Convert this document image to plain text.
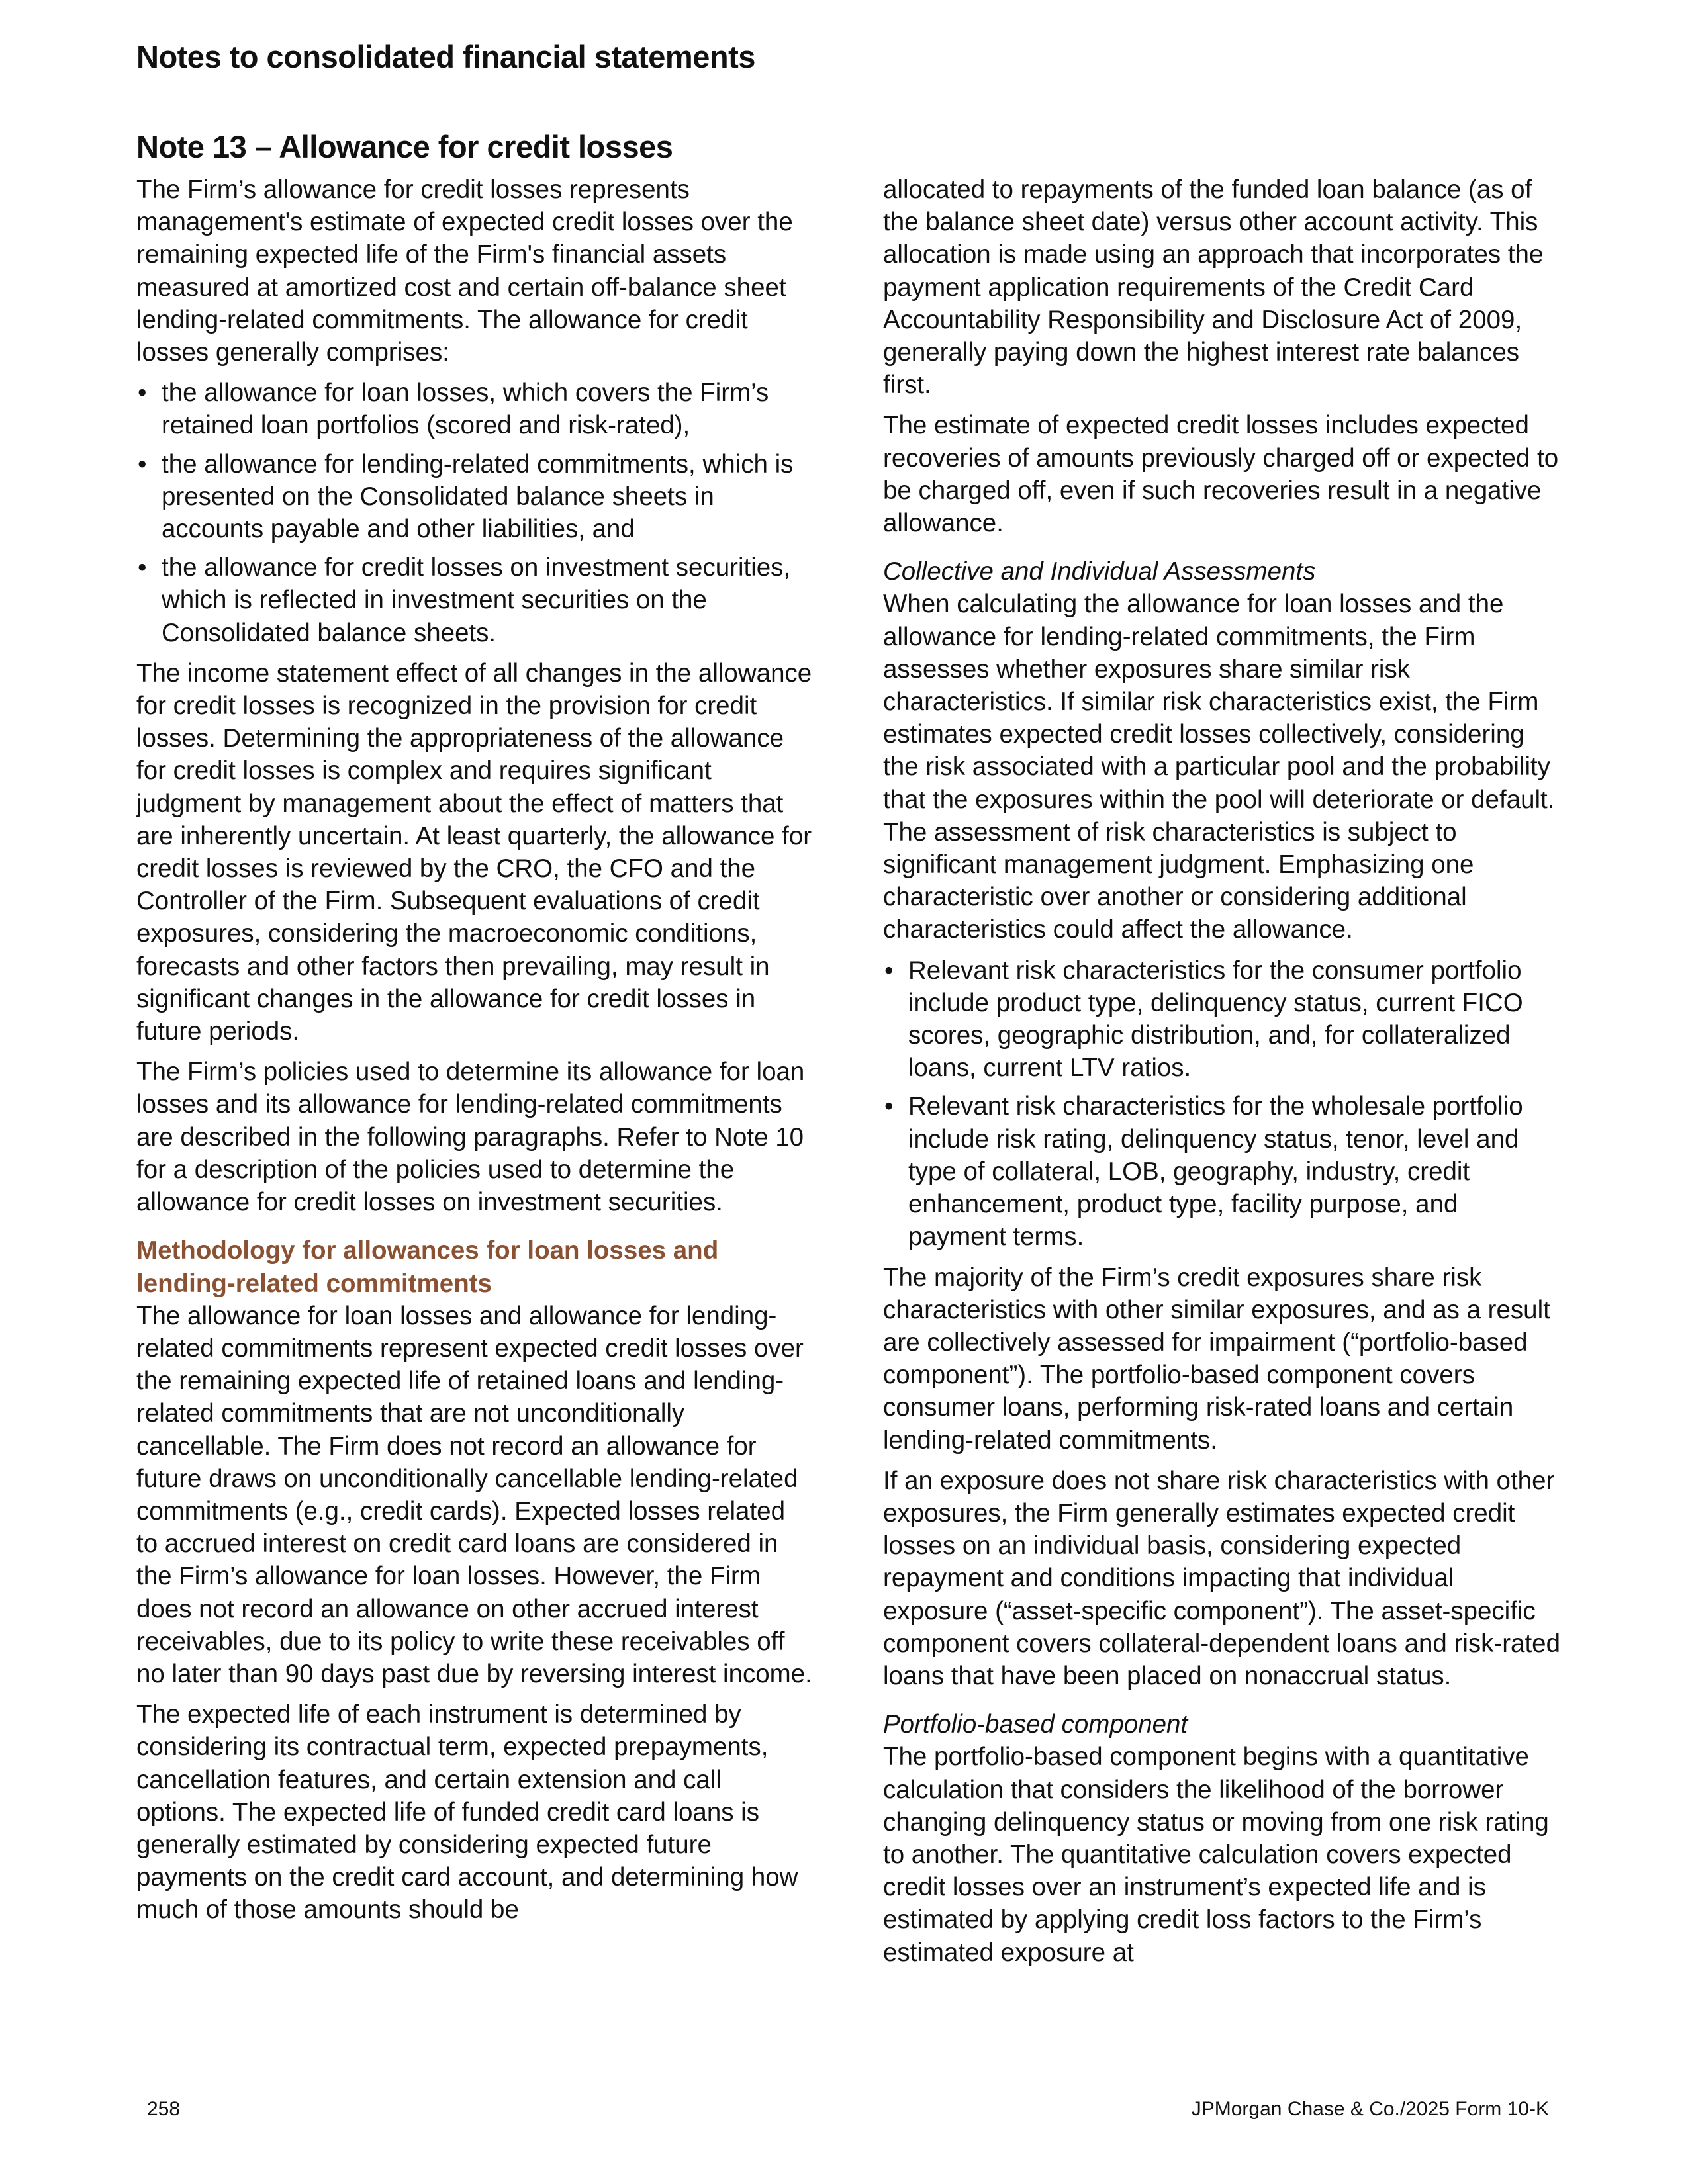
Notes to consolidated financial statements
Note 13 – Allowance for credit losses

The Firm’s allowance for credit losses represents management's estimate of expected credit losses over the remaining expected life of the Firm's financial assets measured at amortized cost and certain off-balance sheet lending-related commitments. The allowance for credit losses generally comprises:

• the allowance for loan losses, which covers the Firm’s retained loan portfolios (scored and risk-rated),
• the allowance for lending-related commitments, which is presented on the Consolidated balance sheets in accounts payable and other liabilities, and
• the allowance for credit losses on investment securities, which is reflected in investment securities on the Consolidated balance sheets.

The income statement effect of all changes in the allowance for credit losses is recognized in the provision for credit losses. Determining the appropriateness of the allowance for credit losses is complex and requires significant judgment by management about the effect of matters that are inherently uncertain. At least quarterly, the allowance for credit losses is reviewed by the CRO, the CFO and the Controller of the Firm. Subsequent evaluations of credit exposures, considering the macroeconomic conditions, forecasts and other factors then prevailing, may result in significant changes in the allowance for credit losses in future periods.

The Firm’s policies used to determine its allowance for loan losses and its allowance for lending-related commitments are described in the following paragraphs. Refer to Note 10 for a description of the policies used to determine the allowance for credit losses on investment securities.

Methodology for allowances for loan losses and lending-related commitments

The allowance for loan losses and allowance for lending-related commitments represent expected credit losses over the remaining expected life of retained loans and lending-related commitments that are not unconditionally cancellable. The Firm does not record an allowance for future draws on unconditionally cancellable lending-related commitments (e.g., credit cards). Expected losses related to accrued interest on credit card loans are considered in the Firm’s allowance for loan losses. However, the Firm does not record an allowance on other accrued interest receivables, due to its policy to write these receivables off no later than 90 days past due by reversing interest income.

The expected life of each instrument is determined by considering its contractual term, expected prepayments, cancellation features, and certain extension and call options. The expected life of funded credit card loans is generally estimated by considering expected future payments on the credit card account, and determining how much of those amounts should be

allocated to repayments of the funded loan balance (as of the balance sheet date) versus other account activity. This allocation is made using an approach that incorporates the payment application requirements of the Credit Card Accountability Responsibility and Disclosure Act of 2009, generally paying down the highest interest rate balances first.

The estimate of expected credit losses includes expected recoveries of amounts previously charged off or expected to be charged off, even if such recoveries result in a negative allowance.

Collective and Individual Assessments

When calculating the allowance for loan losses and the allowance for lending-related commitments, the Firm assesses whether exposures share similar risk characteristics. If similar risk characteristics exist, the Firm estimates expected credit losses collectively, considering the risk associated with a particular pool and the probability that the exposures within the pool will deteriorate or default. The assessment of risk characteristics is subject to significant management judgment. Emphasizing one characteristic over another or considering additional characteristics could affect the allowance.

• Relevant risk characteristics for the consumer portfolio include product type, delinquency status, current FICO scores, geographic distribution, and, for collateralized loans, current LTV ratios.
• Relevant risk characteristics for the wholesale portfolio include risk rating, delinquency status, tenor, level and type of collateral, LOB, geography, industry, credit enhancement, product type, facility purpose, and payment terms.

The majority of the Firm’s credit exposures share risk characteristics with other similar exposures, and as a result are collectively assessed for impairment (“portfolio-based component”). The portfolio-based component covers consumer loans, performing risk-rated loans and certain lending-related commitments.

If an exposure does not share risk characteristics with other exposures, the Firm generally estimates expected credit losses on an individual basis, considering expected repayment and conditions impacting that individual exposure (“asset-specific component”). The asset-specific component covers collateral-dependent loans and risk-rated loans that have been placed on nonaccrual status.

Portfolio-based component

The portfolio-based component begins with a quantitative calculation that considers the likelihood of the borrower changing delinquency status or moving from one risk rating to another. The quantitative calculation covers expected credit losses over an instrument’s expected life and is estimated by applying credit loss factors to the Firm’s estimated exposure at

258	JPMorgan Chase & Co./2025 Form 10-K
